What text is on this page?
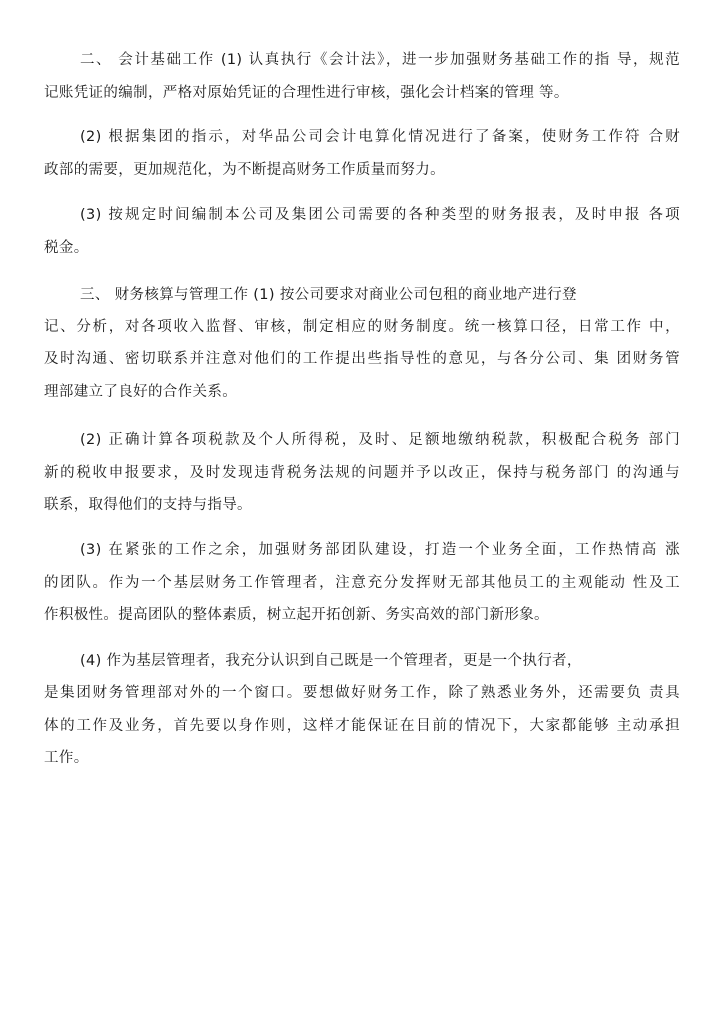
二、 会计基础工作 (1) 认真执行《会计法》，进一步加强财务基础工作的指 导，规范
记账凭证的编制，严格对原始凭证的合理性进行审核，强化会计档案的管理 等。
(2) 根据集团的指示，对华品公司会计电算化情况进行了备案，使财务工作符 合财
政部的需要，更加规范化，为不断提高财务工作质量而努力。
(3) 按规定时间编制本公司及集团公司需要的各种类型的财务报表，及时申报 各项
税金。
三、 财务核算与管理工作 (1) 按公司要求对商业公司包租的商业地产进行登
记、分析，对各项收入监督、审核，制定相应的财务制度。统一核算口径，日常工作 中，
及时沟通、密切联系并注意对他们的工作提出些指导性的意见，与各分公司、集 团财务管
理部建立了良好的合作关系。
(2) 正确计算各项税款及个人所得税，及时、足额地缴纳税款，积极配合税务 部门
新的税收申报要求，及时发现违背税务法规的问题并予以改正，保持与税务部门 的沟通与
联系，取得他们的支持与指导。
(3) 在紧张的工作之余，加强财务部团队建设，打造一个业务全面，工作热情高 涨
的团队。作为一个基层财务工作管理者，注意充分发挥财无部其他员工的主观能动 性及工
作积极性。提高团队的整体素质，树立起开拓创新、务实高效的部门新形象。
(4) 作为基层管理者，我充分认识到自己既是一个管理者，更是一个执行者，
是集团财务管理部对外的一个窗口。要想做好财务工作，除了熟悉业务外，还需要负 责具
体的工作及业务，首先要以身作则，这样才能保证在目前的情况下，大家都能够 主动承担
工作。
